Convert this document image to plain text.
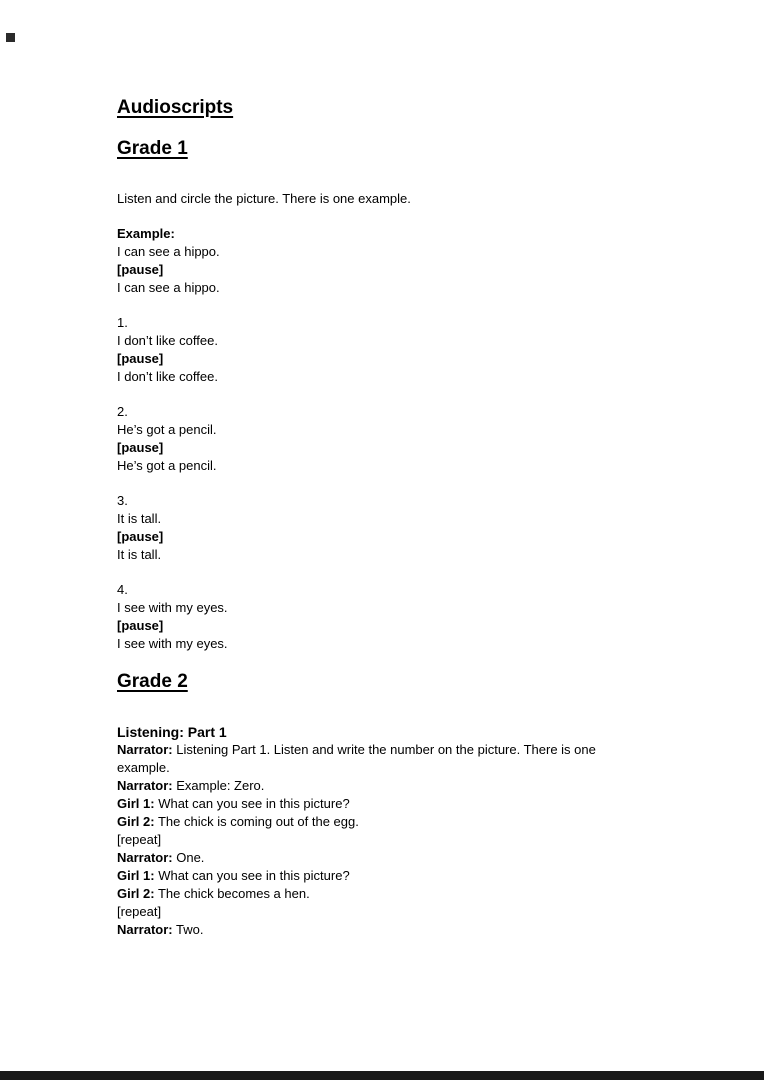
Audioscripts
Grade 1

Listen and circle the picture. There is one example.

Example:
I can see a hippo.
[pause]
I can see a hippo.

1.
I don’t like coffee.
[pause]
I don’t like coffee.

2.
He’s got a pencil.
[pause]
He’s got a pencil.

3.
It is tall.
[pause]
It is tall.

4.
I see with my eyes.
[pause]
I see with my eyes.

Grade 2

Listening: Part 1
Narrator: Listening Part 1. Listen and write the number on the picture. There is one example.
Narrator: Example: Zero.
Girl 1: What can you see in this picture?
Girl 2: The chick is coming out of the egg.
[repeat]
Narrator: One.
Girl 1: What can you see in this picture?
Girl 2: The chick becomes a hen.
[repeat]
Narrator: Two.
